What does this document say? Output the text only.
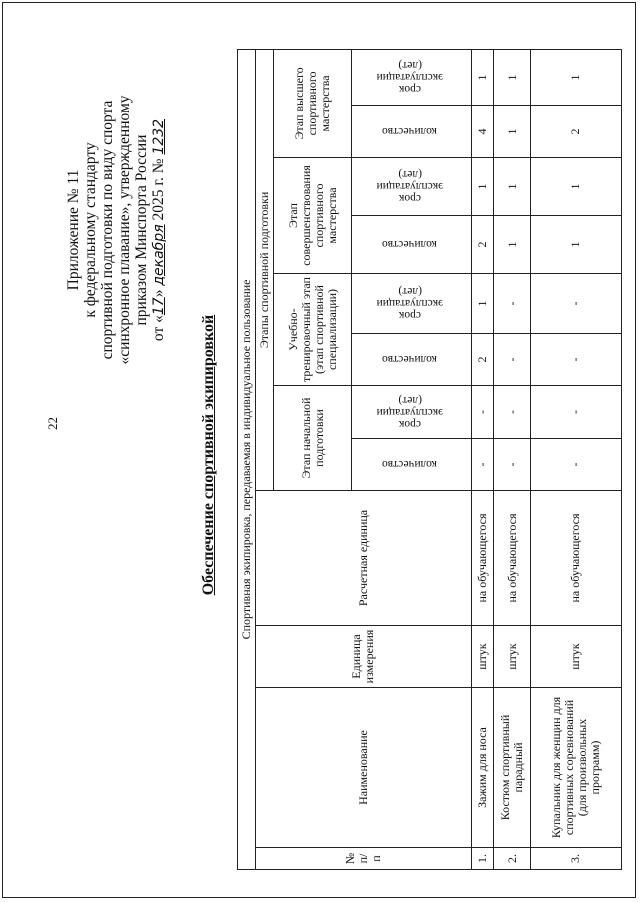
22
Приложение № 11 к федеральному стандарту спортивной подготовки по виду спорта «синхронное плавание», утвержденному приказом Минспорта России
от «17» декабря 2025 г. № 1232
Обеспечение спортивной экипировкой Спортивная экипировка, передаваемая в индивидуальное пользование											
№ п/п	Наименование	Единица измерения	Расчетная единица	Этапы спортивной подготовки							
				Этап начальной подготовки		Учебно-тренировочный этап (этап спортивной специализации)		Этап совершенствования спортивного мастерства		Этап высшего спортивного мастерства	
				количество	срок эксплуатации (лет)	количество	срок эксплуатации (лет)	количество	срок эксплуатации (лет)	количество	срок эксплуатации (лет)
1.	Зажим для носа	штук	на обучающегося	-	-	2	1	2	1	4	1
2.	Костюм спортивный парадный	штук	на обучающегося	-	-	-	-	1	1	1	1
3.	Купальник для женщин для спортивных соревнований (для произвольных программ)	штук	на обучающегося	-	-	-	-	1	1	2	1
